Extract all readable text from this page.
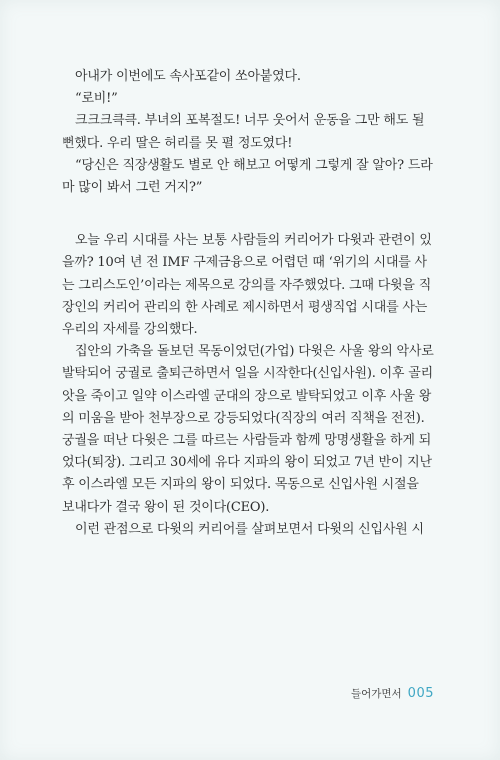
아내가 이번에도 속사포같이 쏘아붙였다.

“로비!”

크크크큭큭. 부녀의 포복절도! 너무 웃어서 운동을 그만 해도 될 뻔했다. 우리 딸은 허리를 못 펼 정도였다!

“당신은 직장생활도 별로 안 해보고 어떻게 그렇게 잘 알아? 드라마 많이 봐서 그런 거지?”

오늘 우리 시대를 사는 보통 사람들의 커리어가 다윗과 관련이 있을까? 10여 년 전 IMF 구제금융으로 어렵던 때 ‘위기의 시대를 사는 그리스도인’이라는 제목으로 강의를 자주했었다. 그때 다윗을 직장인의 커리어 관리의 한 사례로 제시하면서 평생직업 시대를 사는 우리의 자세를 강의했다.

집안의 가축을 돌보던 목동이었던(가업) 다윗은 사울 왕의 악사로 발탁되어 궁궐로 출퇴근하면서 일을 시작한다(신입사원). 이후 골리앗을 죽이고 일약 이스라엘 군대의 장으로 발탁되었고 이후 사울 왕의 미움을 받아 천부장으로 강등되었다(직장의 여러 직책을 전전). 궁궐을 떠난 다윗은 그를 따르는 사람들과 함께 망명생활을 하게 되었다(퇴장). 그리고 30세에 유다 지파의 왕이 되었고 7년 반이 지난 후 이스라엘 모든 지파의 왕이 되었다. 목동으로 신입사원 시절을 보내다가 결국 왕이 된 것이다(CEO).

이런 관점으로 다윗의 커리어를 살펴보면서 다윗의 신입사원 시

들어가면서 005
